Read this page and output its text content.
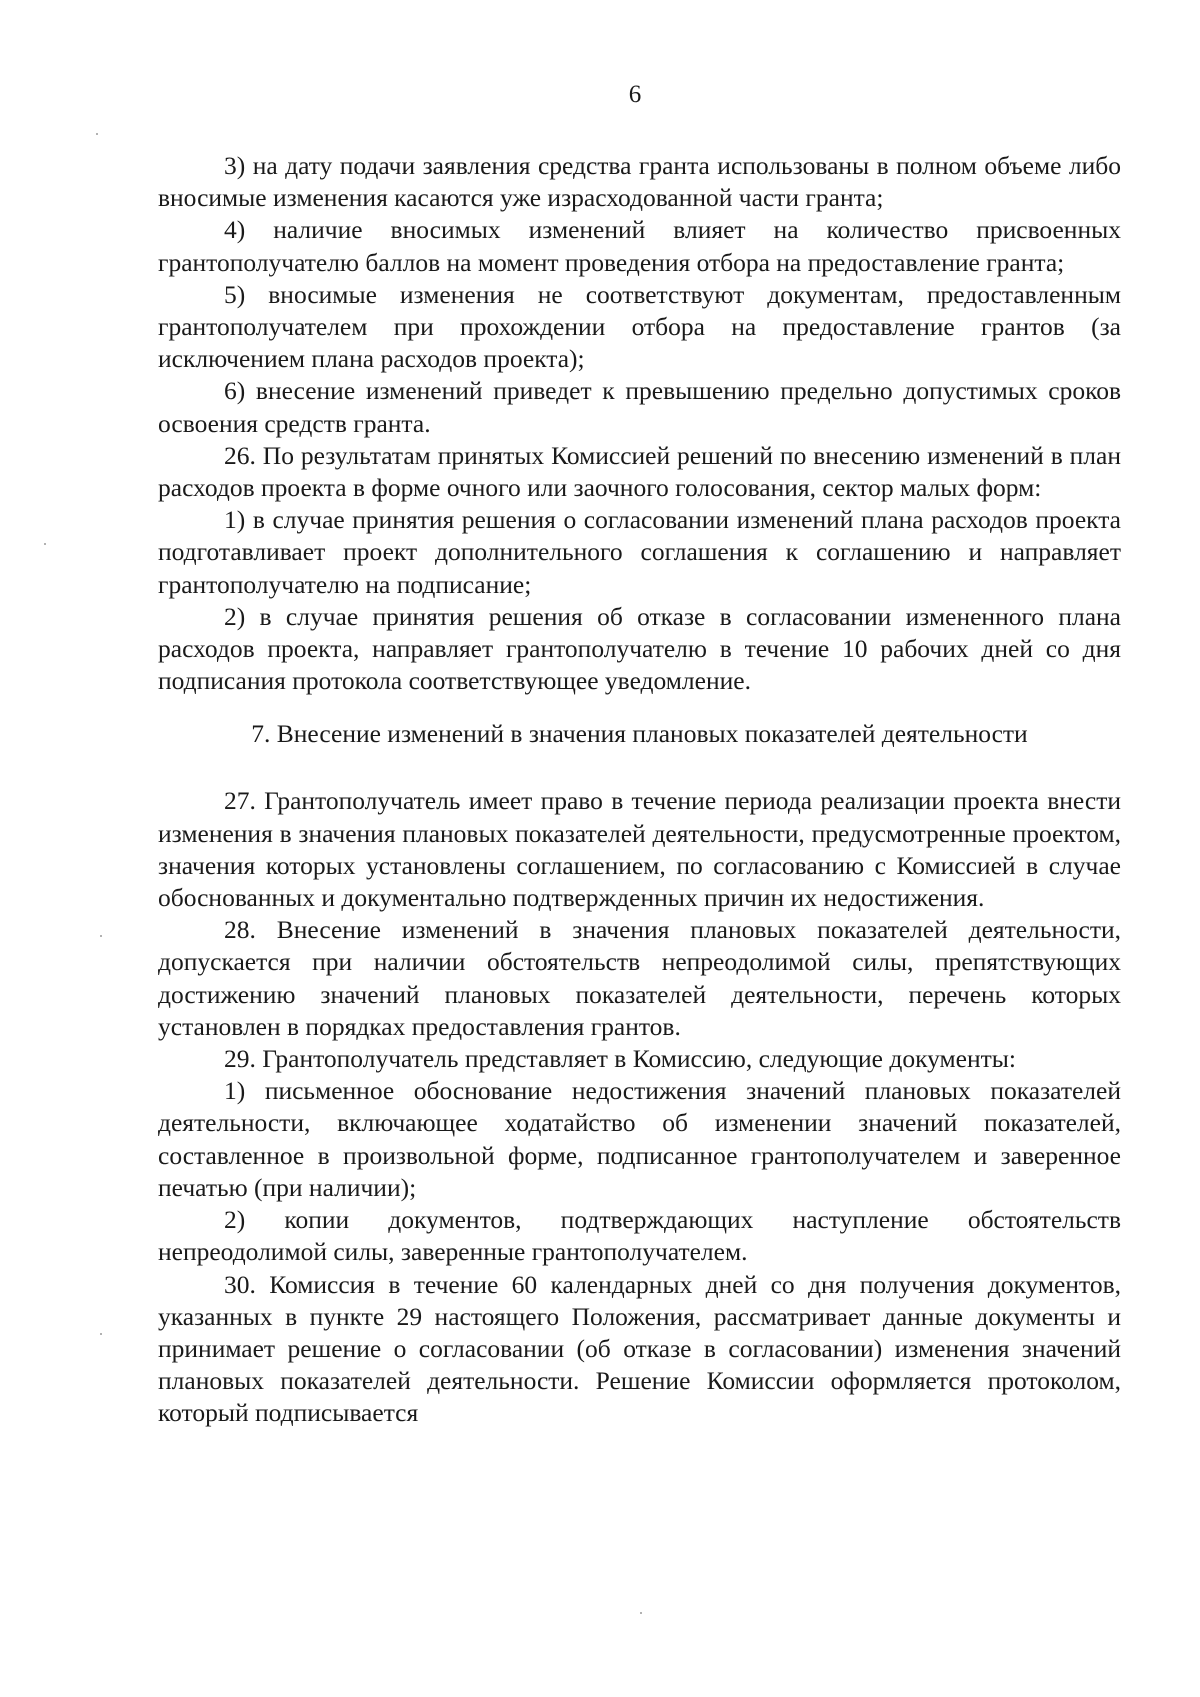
6

3) на дату подачи заявления средства гранта использованы в полном объеме либо вносимые изменения касаются уже израсходованной части гранта;

4) наличие вносимых изменений влияет на количество присвоенных грантополучателю баллов на момент проведения отбора на предоставление гранта;

5) вносимые изменения не соответствуют документам, предоставленным грантополучателем при прохождении отбора на предоставление грантов (за исключением плана расходов проекта);

6) внесение изменений приведет к превышению предельно допустимых сроков освоения средств гранта.

26. По результатам принятых Комиссией решений по внесению изменений в план расходов проекта в форме очного или заочного голосования, сектор малых форм:

1) в случае принятия решения о согласовании изменений плана расходов проекта подготавливает проект дополнительного соглашения к соглашению и направляет грантополучателю на подписание;

2) в случае принятия решения об отказе в согласовании измененного плана расходов проекта, направляет грантополучателю в течение 10 рабочих дней со дня подписания протокола соответствующее уведомление.

7. Внесение изменений в значения плановых показателей деятельности

27. Грантополучатель имеет право в течение периода реализации проекта внести изменения в значения плановых показателей деятельности, предусмотренные проектом, значения которых установлены соглашением, по согласованию с Комиссией в случае обоснованных и документально подтвержденных причин их недостижения.

28. Внесение изменений в значения плановых показателей деятельности, допускается при наличии обстоятельств непреодолимой силы, препятствующих достижению значений плановых показателей деятельности, перечень которых установлен в порядках предоставления грантов.

29. Грантополучатель представляет в Комиссию, следующие документы:

1) письменное обоснование недостижения значений плановых показателей деятельности, включающее ходатайство об изменении значений показателей, составленное в произвольной форме, подписанное грантополучателем и заверенное печатью (при наличии);

2) копии документов, подтверждающих наступление обстоятельств непреодолимой силы, заверенные грантополучателем.

30. Комиссия в течение 60 календарных дней со дня получения документов, указанных в пункте 29 настоящего Положения, рассматривает данные документы и принимает решение о согласовании (об отказе в согласовании) изменения значений плановых показателей деятельности. Решение Комиссии оформляется протоколом, который подписывается
